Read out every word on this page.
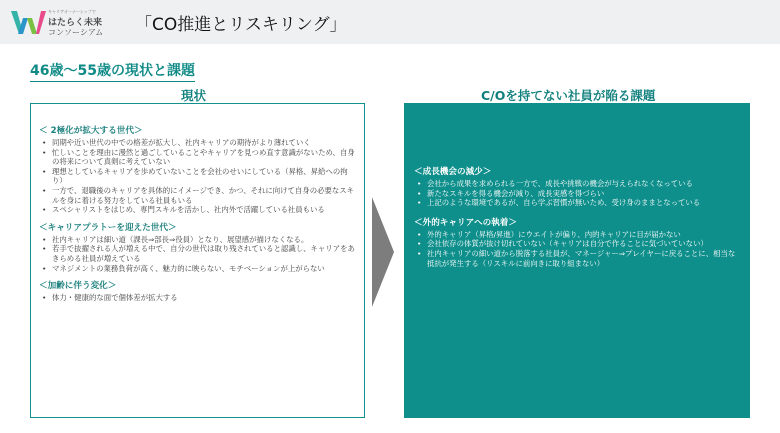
キャリアオーナーシップで
はたらく未来
コンソーシアム 「CO推進とリスキリング」
46歳〜55歳の現状と課題
現状	C/Oを持てない社員が陥る課題
＜ 2極化が拡大する世代＞
• 同期や近い世代の中での格差が拡大し、社内キャリアの期待がより薄れていく
• 忙しいことを理由に漫然と過ごしていることやキャリアを見つめ直す意識がないため、自身の将来について真剣に考えていない
• 理想としているキャリアを歩めていないことを会社のせいにしている（昇格、昇給への拘り）
• 一方で、退職後のキャリアを具体的にイメージでき、かつ、それに向けて自身の必要なスキルを身に着ける努力をしている社員もいる
• スペシャリストをはじめ、専門スキルを活かし、社内外で活躍している社員もいる
＜キャリアプラトーを迎えた世代＞
• 社内キャリアは細い道（課長⇒部長⇒役員）となり、展望感が描けなくなる。
• 若手で抜擢される人が増える中で、自分の世代は取り残されていると認識し、キャリアをあきらめる社員が増えている
• マネジメントの業務負荷が高く、魅力的に映らない、モチベーションが上がらない
＜加齢に伴う変化＞
• 体力・健康的な面で個体差が拡大する
＜成長機会の減少＞
• 会社から成果を求められる一方で、成長や挑戦の機会が与えられなくなっている
• 新たなスキルを得る機会が減り、成長実感を得づらい
• 上記のような環境であるが、自ら学ぶ習慣が無いため、受け身のままとなっている
＜外的キャリアへの執着＞
• 外的キャリア（昇格/昇進）にウエイトが偏り、内的キャリアに目が届かない
• 会社依存の体質が抜け切れていない（キャリアは自分で作ることに気づいていない）
• 社内キャリアの細い道から脱落する社員が、マネージャー⇒プレイヤーに戻ることに、相当な抵抗が発生する（リスキルに前向きに取り組まない）
